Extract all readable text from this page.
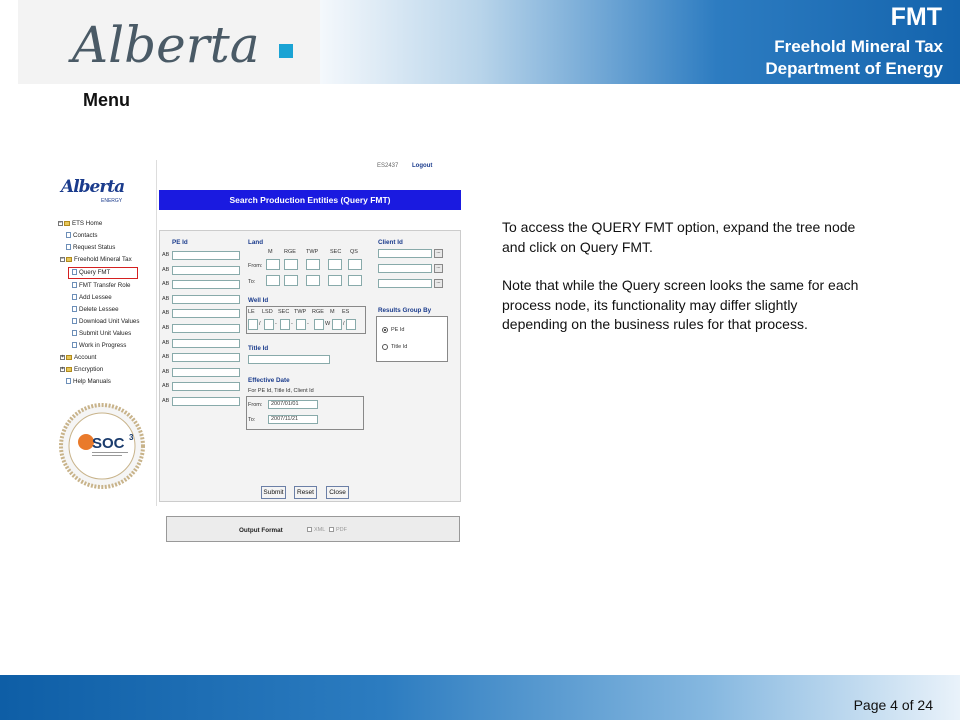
Alberta	FMT
Freehold Mineral Tax
Department of Energy
Menu
Alberta
ENERGY
− ETS Home
Contacts
Request Status
− Freehold Mineral Tax
Query FMT
FMT Transfer Role
Add Lessee
Delete Lessee
Download Unit Values
Submit Unit Values
Work in Progress
+ Account
+ Encryption
Help Manuals
SOC 3
ES2437 Logout
Search Production Entities (Query FMT)
PE Id
AB
AB
AB
AB
AB
AB
AB
AB
AB
AB
AB
Land
M RGE TWP SEC QS
From:
To:
Client Id
...
...
...
Well Id
LE LSD SEC TWP RGE M ES
/	-	-	-	W /
Results Group By
PE Id
Title Id
Title Id
Effective Date
For PE Id, Title Id, Client Id
From:	2007/01/01
To:	2007/11/21
Output Format	XML PDF
Submit	Reset	Close

To access the QUERY FMT option, expand the tree node and click on Query FMT.

Note that while the Query screen looks the same for each process node, its functionality may differ slightly depending on the business rules for that process.

Page 4 of 24
